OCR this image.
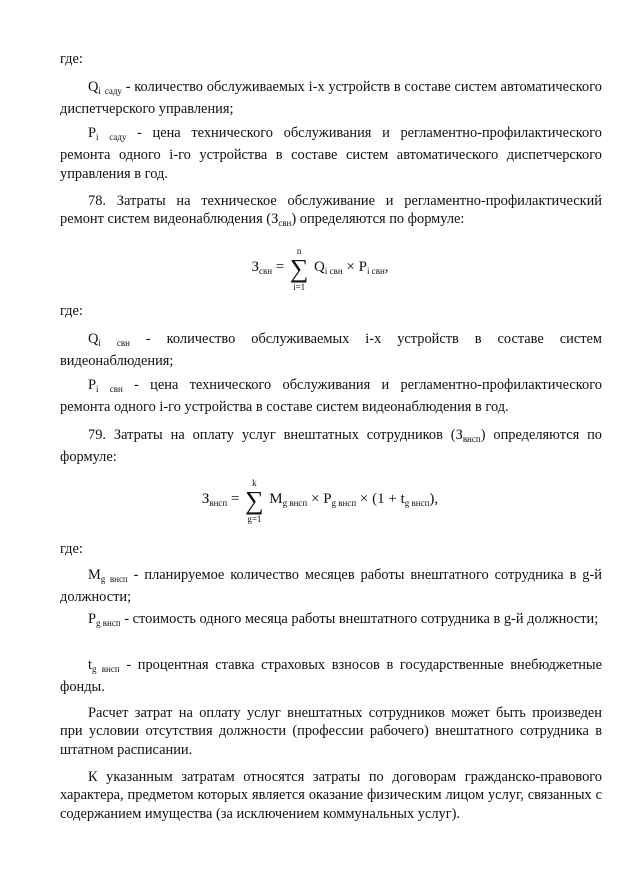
где:

$Q_i$ $_{саду}$ - количество обслуживаемых i-х устройств в составе систем автоматического диспетчерского управления;

$P_i$ $_{саду}$ - цена технического обслуживания и регламентно-профилактического ремонта одного i-го устройства в составе систем автоматического диспетчерского управления в год.

78. Затраты на техническое обслуживание и регламентно-профилактический ремонт систем видеонаблюдения $(З_{свн})$ определяются по формуле:

$З_{свн}$ =
n
∑
i=1
$Q_{i свн} \times P_{i свн}$,

где:

$Q_i$ $_{свн}$ - количество обслуживаемых i-х устройств в составе систем видеонаблюдения;

$P_i$ $_{свн}$ - цена технического обслуживания и регламентно-профилактического ремонта одного i-го устройства в составе систем видеонаблюдения в год.

79. Затраты на оплату услуг внештатных сотрудников $(З_{внсп})$ определяются по формуле:

$З_{внсп}$ =
k
∑
g=1
$M_{g внсп} \times P_{g внсп} \times (1 + t_{g внсп})$,

где:

$M_{g внсп}$ - планируемое количество месяцев работы внештатного сотрудника в g-й должности;

$P_{g внсп}$ - стоимость одного месяца работы внештатного сотрудника в g-й должности;

$t_{g внсп}$ - процентная ставка страховых взносов в государственные внебюджетные фонды.

Расчет затрат на оплату услуг внештатных сотрудников может быть произведен при условии отсутствия должности (профессии рабочего) внештатного сотрудника в штатном расписании.

К указанным затратам относятся затраты по договорам гражданско-правового характера, предметом которых является оказание физическим лицом услуг, связанных с содержанием имущества (за исключением коммунальных услуг).
